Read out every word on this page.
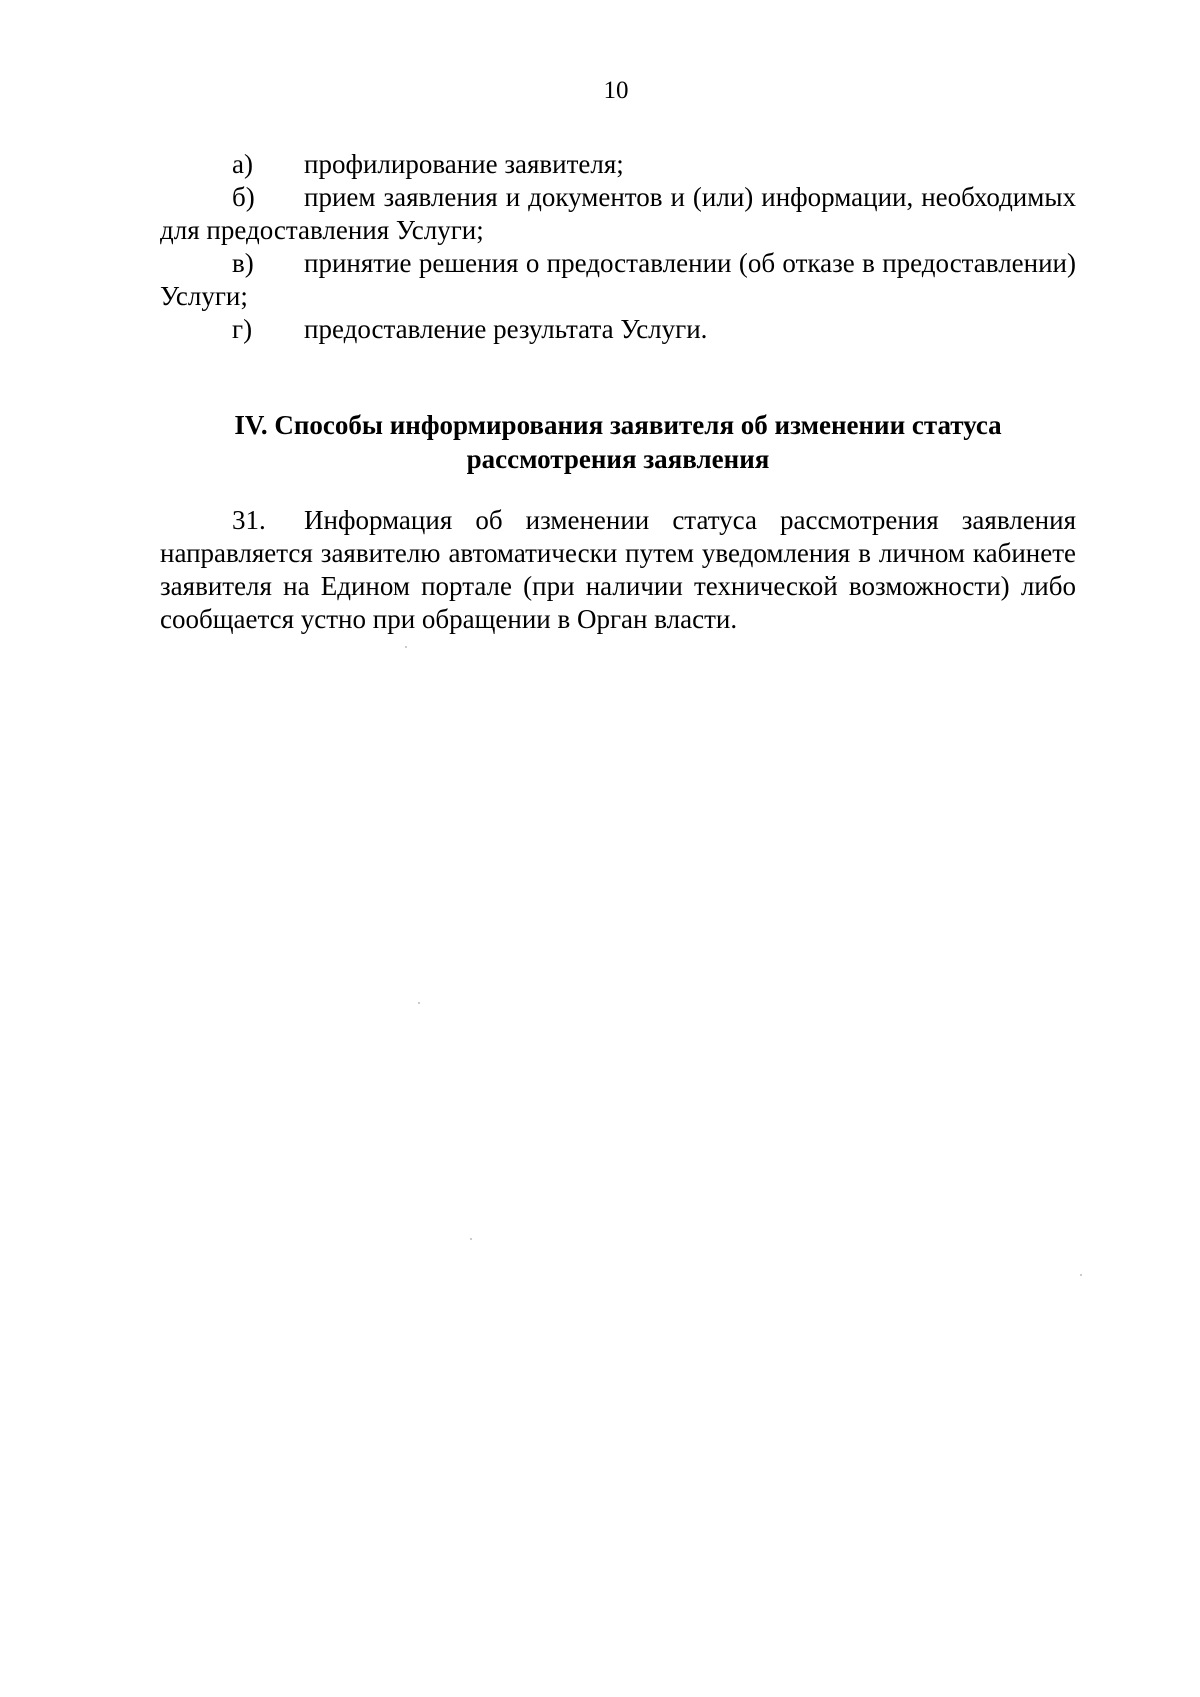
10
а) профилирование заявителя;
б) прием заявления и документов и (или) информации, необходимых для предоставления Услуги;
в) принятие решения о предоставлении (об отказе в предоставлении) Услуги;
г) предоставление результата Услуги.
IV. Способы информирования заявителя об изменении статуса
рассмотрения заявления
31. Информация об изменении статуса рассмотрения заявления направляется заявителю автоматически путем уведомления в личном кабинете заявителя на Едином портале (при наличии технической возможности) либо сообщается устно при обращении в Орган власти.
